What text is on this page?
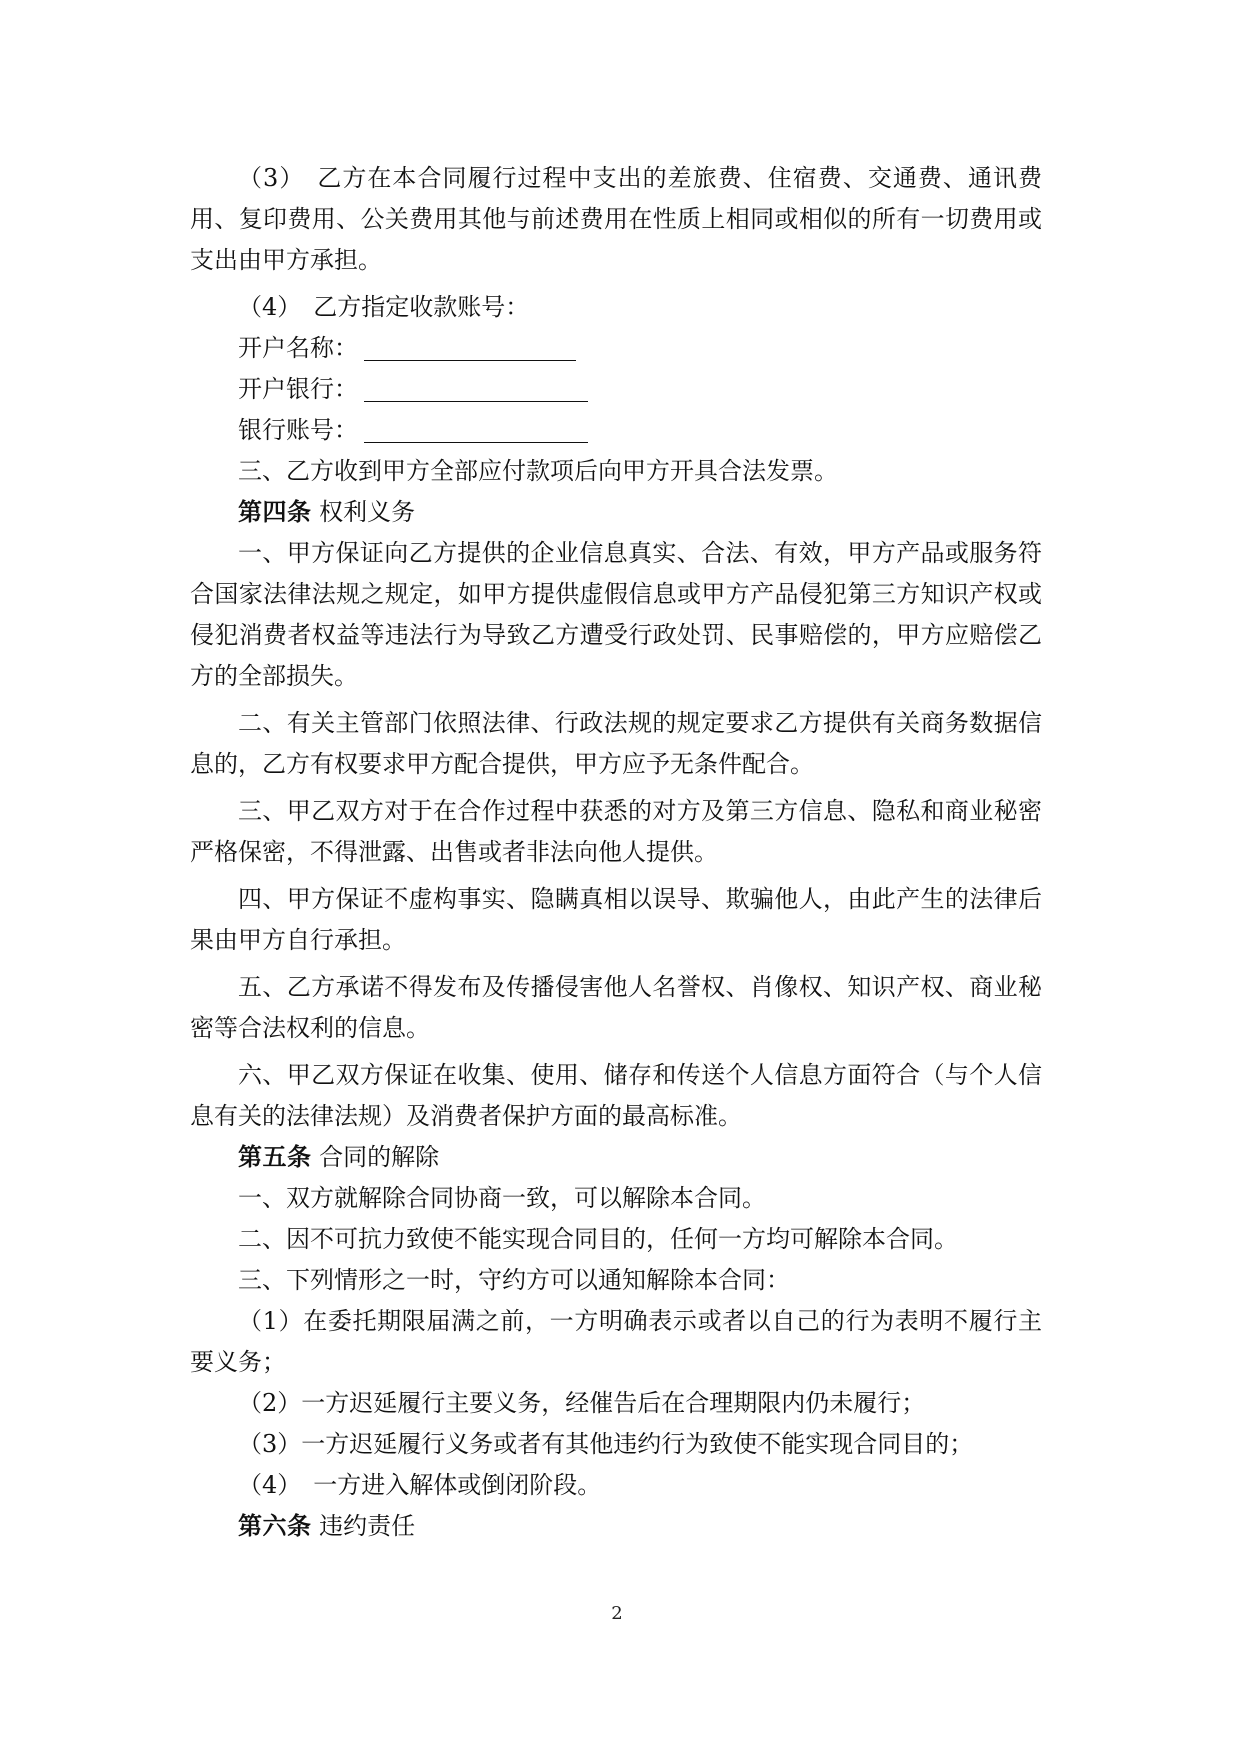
（3）　乙方在本合同履行过程中支出的差旅费、住宿费、交通费、通讯费用、复印费用、公关费用其他与前述费用在性质上相同或相似的所有一切费用或支出由甲方承担。

（4）　乙方指定收款账号：

开户名称：
开户银行：
银行账号：

三、乙方收到甲方全部应付款项后向甲方开具合法发票。

第四条 权利义务

一、甲方保证向乙方提供的企业信息真实、合法、有效，甲方产品或服务符合国家法律法规之规定，如甲方提供虚假信息或甲方产品侵犯第三方知识产权或侵犯消费者权益等违法行为导致乙方遭受行政处罚、民事赔偿的，甲方应赔偿乙方的全部损失。

二、有关主管部门依照法律、行政法规的规定要求乙方提供有关商务数据信息的，乙方有权要求甲方配合提供，甲方应予无条件配合。

三、甲乙双方对于在合作过程中获悉的对方及第三方信息、隐私和商业秘密严格保密，不得泄露、出售或者非法向他人提供。

四、甲方保证不虚构事实、隐瞒真相以误导、欺骗他人，由此产生的法律后果由甲方自行承担。

五、乙方承诺不得发布及传播侵害他人名誉权、肖像权、知识产权、商业秘密等合法权利的信息。

六、甲乙双方保证在收集、使用、储存和传送个人信息方面符合（与个人信息有关的法律法规）及消费者保护方面的最高标准。

第五条 合同的解除

一、双方就解除合同协商一致，可以解除本合同。

二、因不可抗力致使不能实现合同目的，任何一方均可解除本合同。

三、下列情形之一时，守约方可以通知解除本合同：

（1）在委托期限届满之前，一方明确表示或者以自己的行为表明不履行主要义务；

（2）一方迟延履行主要义务，经催告后在合理期限内仍未履行；

（3）一方迟延履行义务或者有其他违约行为致使不能实现合同目的；

（4）　一方进入解体或倒闭阶段。

第六条 违约责任

2
